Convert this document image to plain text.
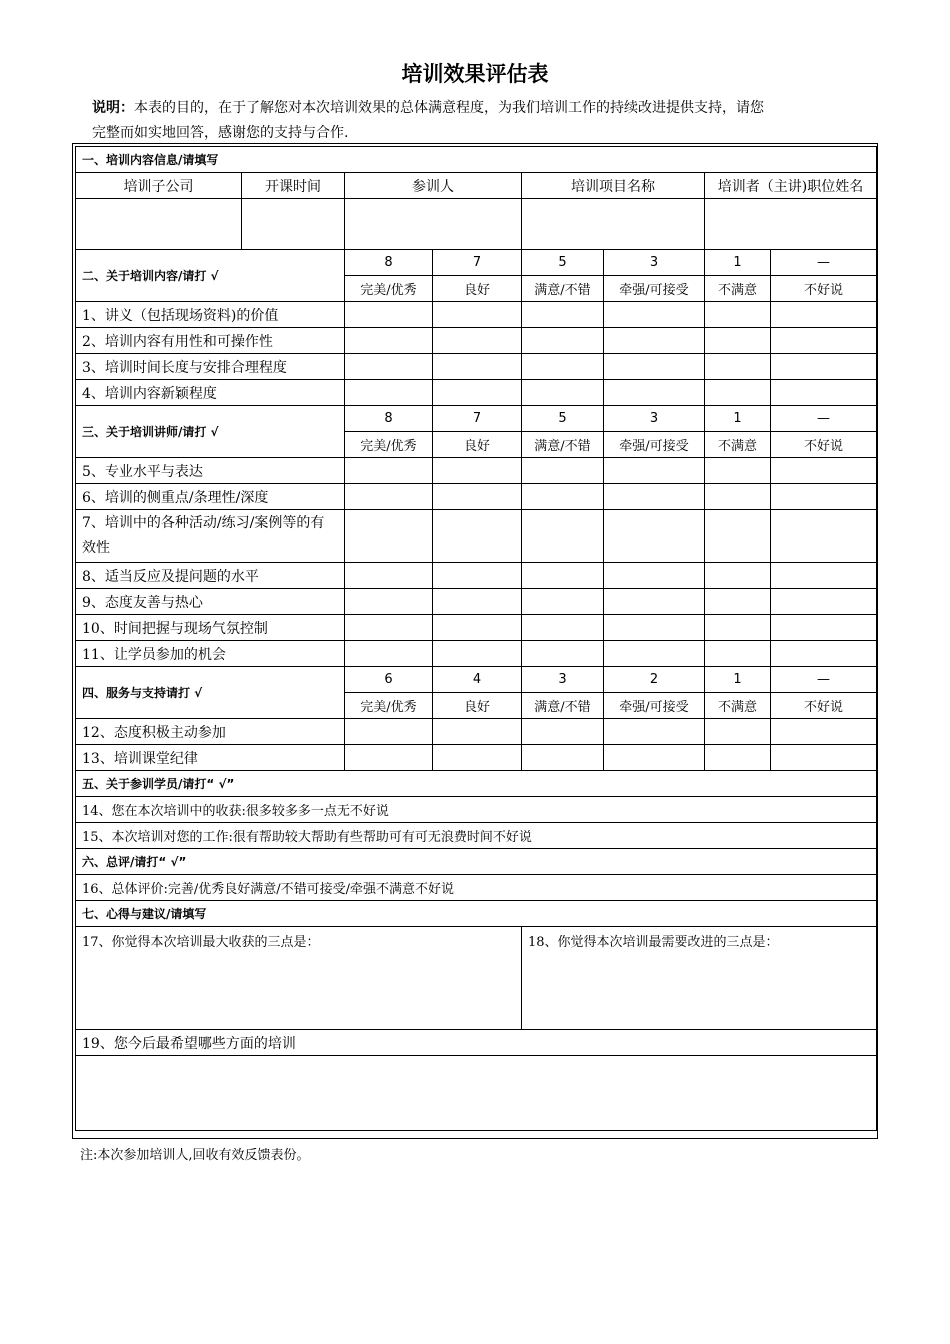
培训效果评估表
说明：本表的目的，在于了解您对本次培训效果的总体满意程度，为我们培训工作的持续改进提供支持，请您
完整而如实地回答，感谢您的支持与合作.
一、培训内容信息/请填写							
培训子公司	开课时间	参训人		培训项目名称		培训者（主讲)职位姓名	

二、关于培训内容/请打 √		8	7	5	3	1	—
		完美/优秀	良好	满意/不错	牵强/可接受	不满意	不好说
1、讲义（包括现场资料)的价值							
2、培训内容有用性和可操作性							
3、培训时间长度与安排合理程度							
4、培训内容新颖程度							
三、关于培训讲师/请打 √		8	7	5	3	1	—
		完美/优秀	良好	满意/不错	牵强/可接受	不满意	不好说
5、专业水平与表达							
6、培训的侧重点/条理性/深度							
7、培训中的各种活动/练习/案例等的有效性							
8、适当反应及提问题的水平							
9、态度友善与热心							
10、时间把握与现场气氛控制							
11、让学员参加的机会							
四、服务与支持请打 √		6	4	3	2	1	—
		完美/优秀	良好	满意/不错	牵强/可接受	不满意	不好说
12、态度积极主动参加							
13、培训课堂纪律							
五、关于参训学员/请打“ √”							
14、您在本次培训中的收获:很多较多多一点无不好说							
15、本次培训对您的工作:很有帮助较大帮助有些帮助可有可无浪费时间不好说							
六、总评/请打“ √”							
16、总体评价:完善/优秀良好满意/不错可接受/牵强不满意不好说							
七、心得与建议/请填写							
17、你觉得本次培训最大收获的三点是：				18、你觉得本次培训最需要改进的三点是：			
19、您今后最希望哪些方面的培训							

注:本次参加培训人,回收有效反馈表份。
